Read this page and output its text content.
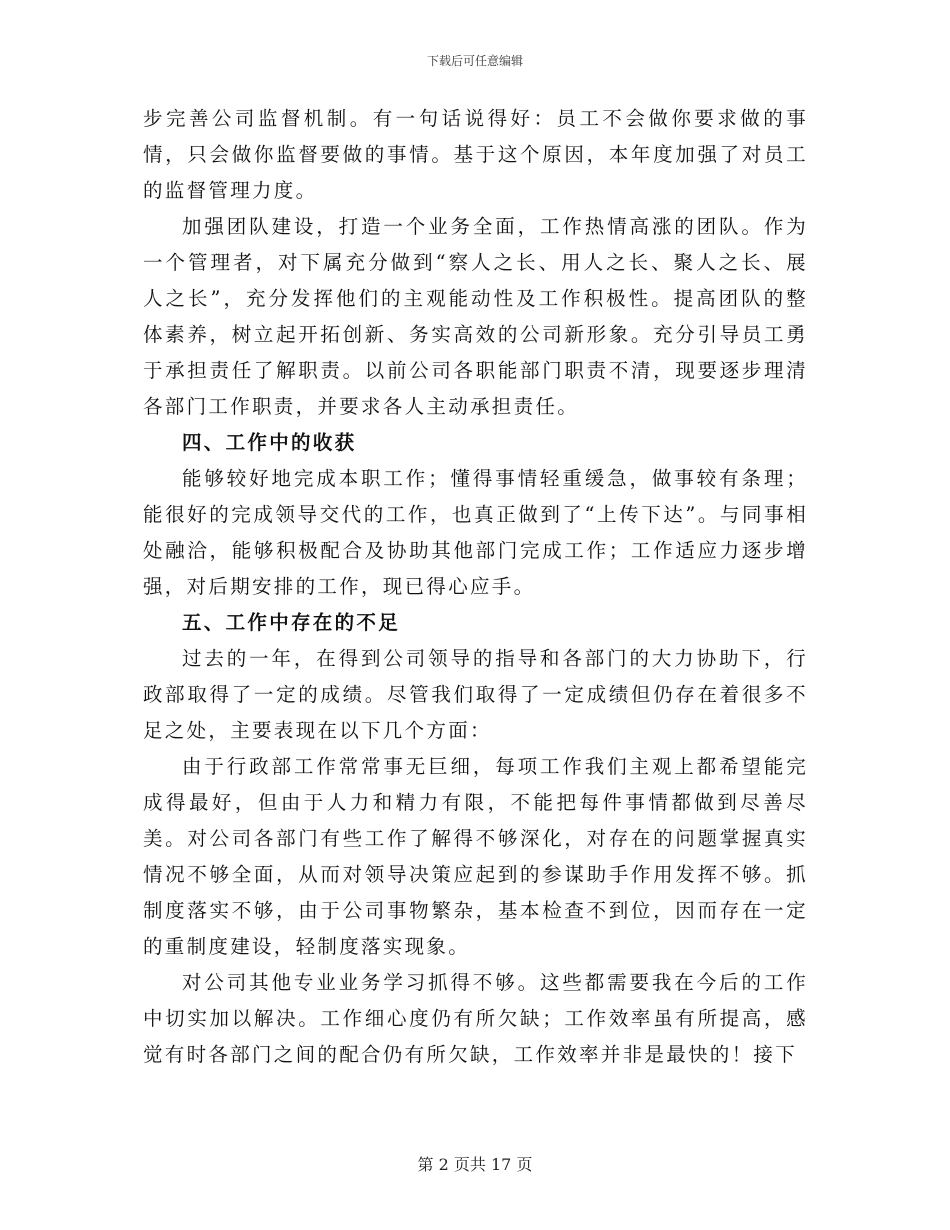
下载后可任意编辑

步完善公司监督机制。有一句话说得好：员工不会做你要求做的事情，只会做你监督要做的事情。基于这个原因，本年度加强了对员工的监督管理力度。

加强团队建设，打造一个业务全面，工作热情高涨的团队。作为一个管理者，对下属充分做到“察人之长、用人之长、聚人之长、展人之长”，充分发挥他们的主观能动性及工作积极性。提高团队的整体素养，树立起开拓创新、务实高效的公司新形象。充分引导员工勇于承担责任了解职责。以前公司各职能部门职责不清，现要逐步理清各部门工作职责，并要求各人主动承担责任。

四、工作中的收获

能够较好地完成本职工作；懂得事情轻重缓急，做事较有条理；能很好的完成领导交代的工作，也真正做到了“上传下达”。与同事相处融洽，能够积极配合及协助其他部门完成工作；工作适应力逐步增强，对后期安排的工作，现已得心应手。

五、工作中存在的不足

过去的一年，在得到公司领导的指导和各部门的大力协助下，行政部取得了一定的成绩。尽管我们取得了一定成绩但仍存在着很多不足之处，主要表现在以下几个方面：

由于行政部工作常常事无巨细，每项工作我们主观上都希望能完成得最好，但由于人力和精力有限，不能把每件事情都做到尽善尽美。对公司各部门有些工作了解得不够深化，对存在的问题掌握真实情况不够全面，从而对领导决策应起到的参谋助手作用发挥不够。抓制度落实不够，由于公司事物繁杂，基本检查不到位，因而存在一定的重制度建设，轻制度落实现象。

对公司其他专业业务学习抓得不够。这些都需要我在今后的工作中切实加以解决。工作细心度仍有所欠缺；工作效率虽有所提高，感觉有时各部门之间的配合仍有所欠缺，工作效率并非是最快的！接下

第 2 页共 17 页
